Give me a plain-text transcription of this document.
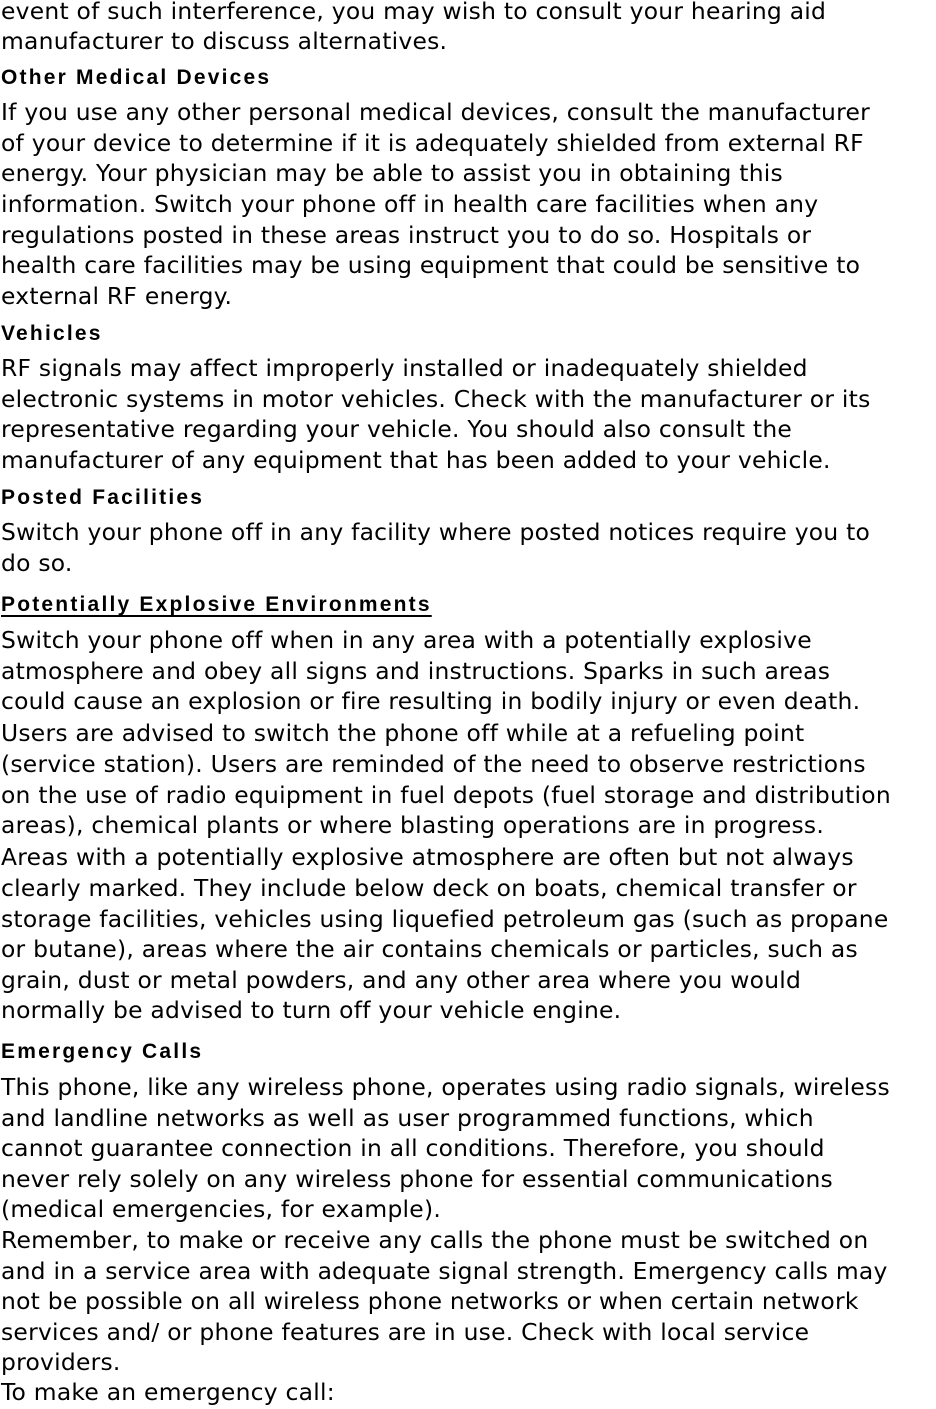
event of such interference, you may wish to consult your hearing aid
manufacturer to discuss alternatives.
Other Medical Devices
If you use any other personal medical devices, consult the manufacturer
of your device to determine if it is adequately shielded from external RF
energy. Your physician may be able to assist you in obtaining this
information. Switch your phone off in health care facilities when any
regulations posted in these areas instruct you to do so. Hospitals or
health care facilities may be using equipment that could be sensitive to
external RF energy.
Vehicles
RF signals may affect improperly installed or inadequately shielded
electronic systems in motor vehicles. Check with the manufacturer or its
representative regarding your vehicle. You should also consult the
manufacturer of any equipment that has been added to your vehicle.
Posted Facilities
Switch your phone off in any facility where posted notices require you to
do so.
Potentially Explosive Environments
Switch your phone off when in any area with a potentially explosive
atmosphere and obey all signs and instructions. Sparks in such areas
could cause an explosion or fire resulting in bodily injury or even death.
Users are advised to switch the phone off while at a refueling point
(service station). Users are reminded of the need to observe restrictions
on the use of radio equipment in fuel depots (fuel storage and distribution
areas), chemical plants or where blasting operations are in progress.
Areas with a potentially explosive atmosphere are often but not always
clearly marked. They include below deck on boats, chemical transfer or
storage facilities, vehicles using liquefied petroleum gas (such as propane
or butane), areas where the air contains chemicals or particles, such as
grain, dust or metal powders, and any other area where you would
normally be advised to turn off your vehicle engine.
Emergency Calls
This phone, like any wireless phone, operates using radio signals, wireless
and landline networks as well as user programmed functions, which
cannot guarantee connection in all conditions. Therefore, you should
never rely solely on any wireless phone for essential communications
(medical emergencies, for example).
Remember, to make or receive any calls the phone must be switched on
and in a service area with adequate signal strength. Emergency calls may
not be possible on all wireless phone networks or when certain network
services and/ or phone features are in use. Check with local service
providers.
To make an emergency call:
